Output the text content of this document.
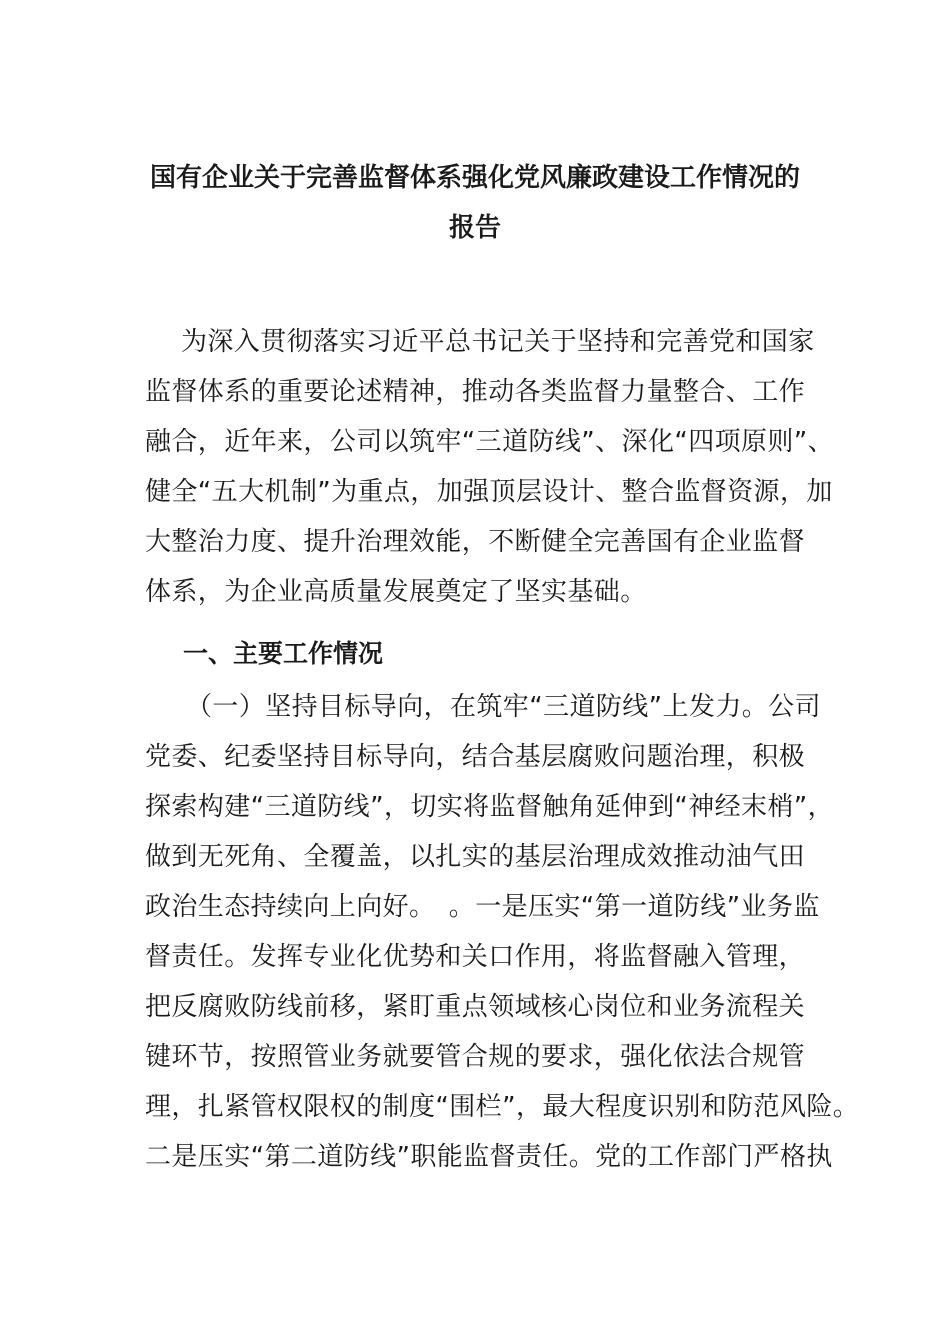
国有企业关于完善监督体系强化党风廉政建设工作情况的
报告
为深入贯彻落实习近平总书记关于坚持和完善党和国家
监督体系的重要论述精神，推动各类监督力量整合、工作
融合，近年来，公司以筑牢“三道防线”、深化“四项原则”、
健全“五大机制”为重点，加强顶层设计、整合监督资源，加
大整治力度、提升治理效能，不断健全完善国有企业监督
体系，为企业高质量发展奠定了坚实基础。
一、主要工作情况
（一）坚持目标导向，在筑牢“三道防线”上发力。公司
党委、纪委坚持目标导向，结合基层腐败问题治理，积极
探索构建“三道防线”，切实将监督触角延伸到“神经末梢”，
做到无死角、全覆盖，以扎实的基层治理成效推动油气田
政治生态持续向上向好。　。一是压实“第一道防线”业务监
督责任。发挥专业化优势和关口作用，将监督融入管理，
把反腐败防线前移，紧盯重点领域核心岗位和业务流程关
键环节，按照管业务就要管合规的要求，强化依法合规管
理，扎紧管权限权的制度“围栏”，最大程度识别和防范风险。
二是压实“第二道防线”职能监督责任。党的工作部门严格执
